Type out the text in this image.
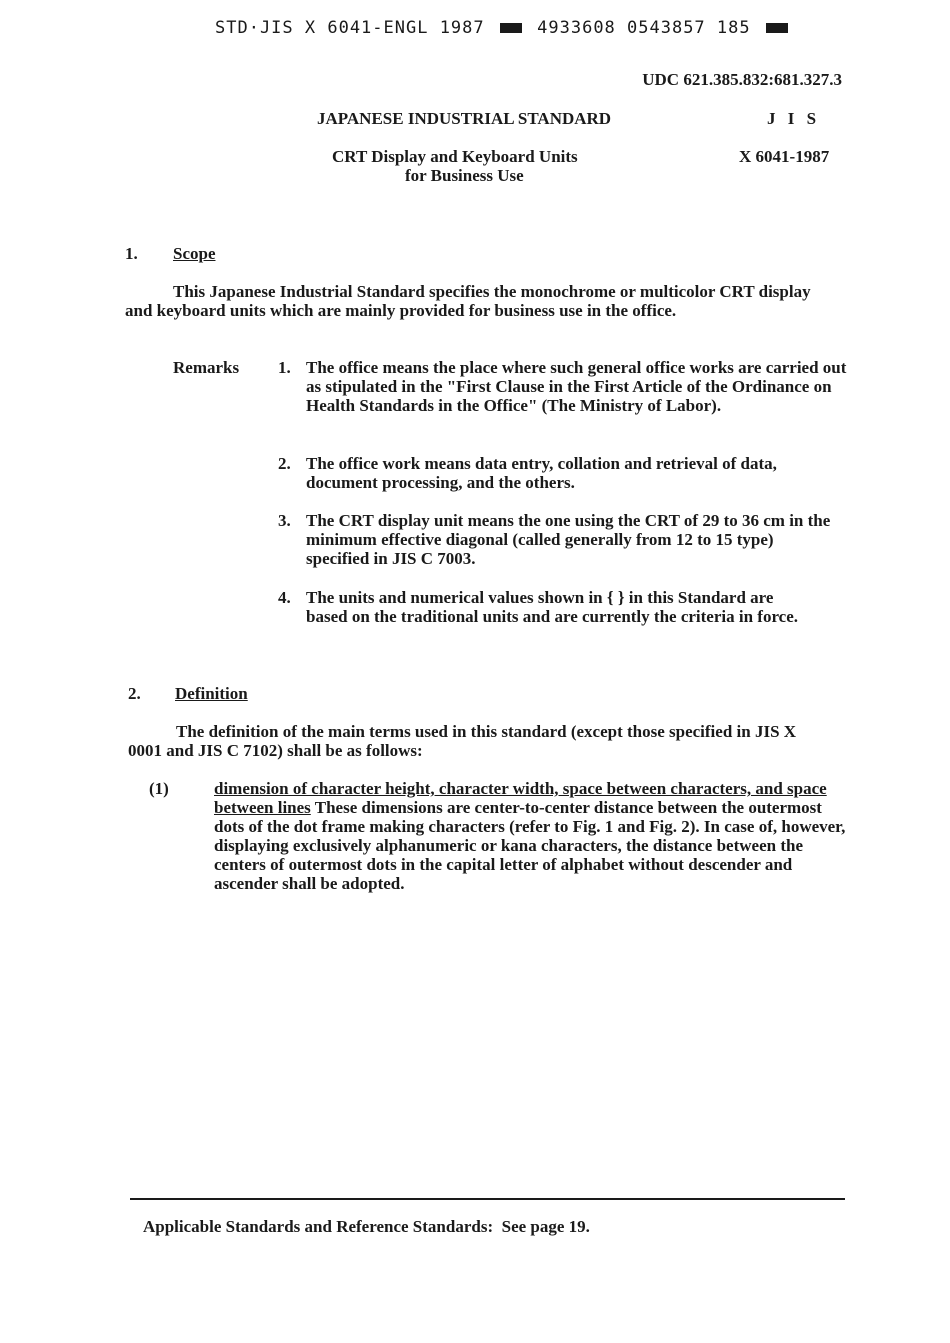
STD·JIS X 6041-ENGL 1987	4933608 0543857 185
UDC 621.385.832:681.327.3
JAPANESE INDUSTRIAL STANDARD	J I S
CRT Display and Keyboard Units
for Business Use
X 6041-1987
1. Scope
This Japanese Industrial Standard specifies the monochrome or multicolor CRT display and keyboard units which are mainly provided for business use in the office.
Remarks 1. The office means the place where such general office works are carried out as stipulated in the "First Clause in the First Article of the Ordinance on Health Standards in the Office" (The Ministry of Labor).
2. The office work means data entry, collation and retrieval of data, document processing, and the others.
3. The CRT display unit means the one using the CRT of 29 to 36 cm in the minimum effective diagonal (called generally from 12 to 15 type) specified in JIS C 7003.
4. The units and numerical values shown in { } in this Standard are based on the traditional units and are currently the criteria in force.
2. Definition
The definition of the main terms used in this standard (except those specified in JIS X 0001 and JIS C 7102) shall be as follows:
(1)	dimension of character height, character width, space between characters, and space between lines These dimensions are center-to-center distance between the outermost dots of the dot frame making characters (refer to Fig. 1 and Fig. 2). In case of, however, displaying exclusively alphanumeric or kana characters, the distance between the centers of outermost dots in the capital letter of alphabet without descender and ascender shall be adopted.
Applicable Standards and Reference Standards:  See page 19.
